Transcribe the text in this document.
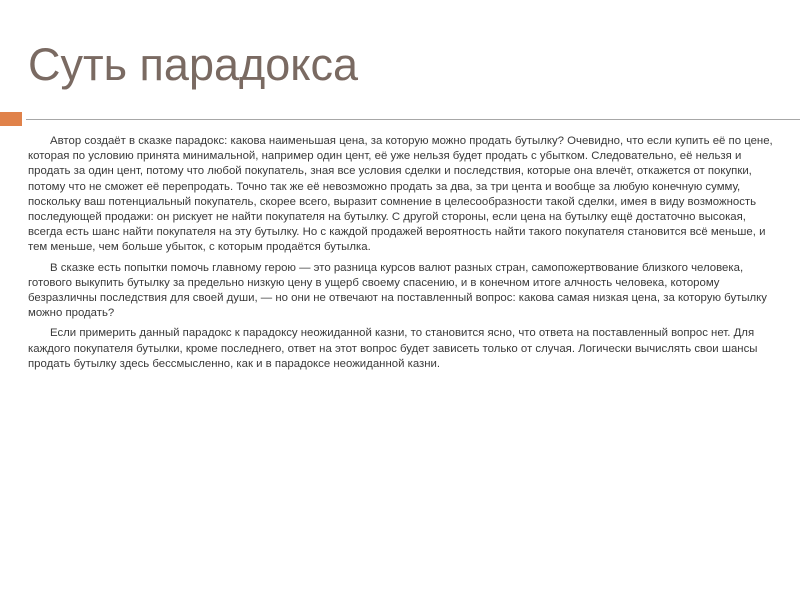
Суть парадокса

Автор создаёт в сказке парадокс: какова наименьшая цена, за которую можно продать бутылку? Очевидно, что если купить её по цене, которая по условию принята минимальной, например один цент, её уже нельзя будет продать с убытком. Следовательно, её нельзя и продать за один цент, потому что любой покупатель, зная все условия сделки и последствия, которые она влечёт, откажется от покупки, потому что не сможет её перепродать. Точно так же её невозможно продать за два, за три цента и вообще за любую конечную сумму, поскольку ваш потенциальный покупатель, скорее всего, выразит сомнение в целесообразности такой сделки, имея в виду возможность последующей продажи: он рискует не найти покупателя на бутылку. С другой стороны, если цена на бутылку ещё достаточно высокая, всегда есть шанс найти покупателя на эту бутылку. Но с каждой продажей вероятность найти такого покупателя становится всё меньше, и тем меньше, чем больше убыток, с которым продаётся бутылка.

В сказке есть попытки помочь главному герою — это разница курсов валют разных стран, самопожертвование близкого человека, готового выкупить бутылку за предельно низкую цену в ущерб своему спасению, и в конечном итоге алчность человека, которому безразличны последствия для своей души, — но они не отвечают на поставленный вопрос: какова самая низкая цена, за которую бутылку можно продать?

Если примерить данный парадокс к парадоксу неожиданной казни, то становится ясно, что ответа на поставленный вопрос нет. Для каждого покупателя бутылки, кроме последнего, ответ на этот вопрос будет зависеть только от случая. Логически вычислять свои шансы продать бутылку здесь бессмысленно, как и в парадоксе неожиданной казни.
